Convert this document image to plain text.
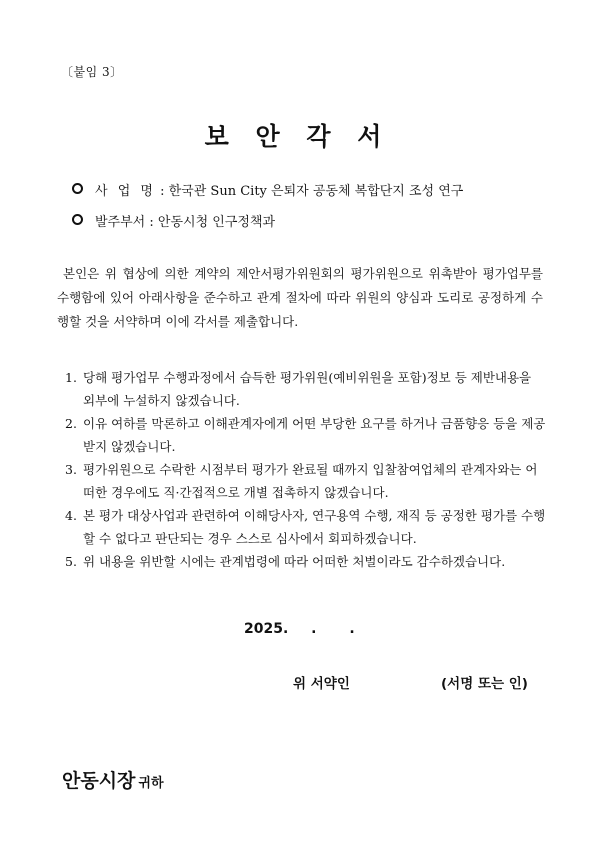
〔붙임 3〕
보 안 각 서
사 업 명 : 한국관 Sun City 은퇴자 공동체 복합단지 조성 연구
발주부서 : 안동시청 인구정책과
본인은 위 협상에 의한 계약의 제안서평가위원회의 평가위원으로 위촉받아 평가업무를 수행함에 있어 아래사항을 준수하고 관계 절차에 따라 위원의 양심과 도리로 공정하게 수행할 것을 서약하며 이에 각서를 제출합니다.
1. 당해 평가업무 수행과정에서 습득한 평가위원(예비위원을 포함)정보 등 제반내용을 외부에 누설하지 않겠습니다.
2. 이유 여하를 막론하고 이해관계자에게 어떤 부당한 요구를 하거나 금품향응 등을 제공받지 않겠습니다.
3. 평가위원으로 수락한 시점부터 평가가 완료될 때까지 입찰참여업체의 관계자와는 어떠한 경우에도 직·간접적으로 개별 접촉하지 않겠습니다.
4. 본 평가 대상사업과 관련하여 이해당사자, 연구용역 수행, 재직 등 공정한 평가를 수행할 수 없다고 판단되는 경우 스스로 심사에서 회피하겠습니다.
5. 위 내용을 위반할 시에는 관계법령에 따라 어떠한 처벌이라도 감수하겠습니다.
2025. . .
위 서약인	(서명 또는 인)
안동시장 귀하
